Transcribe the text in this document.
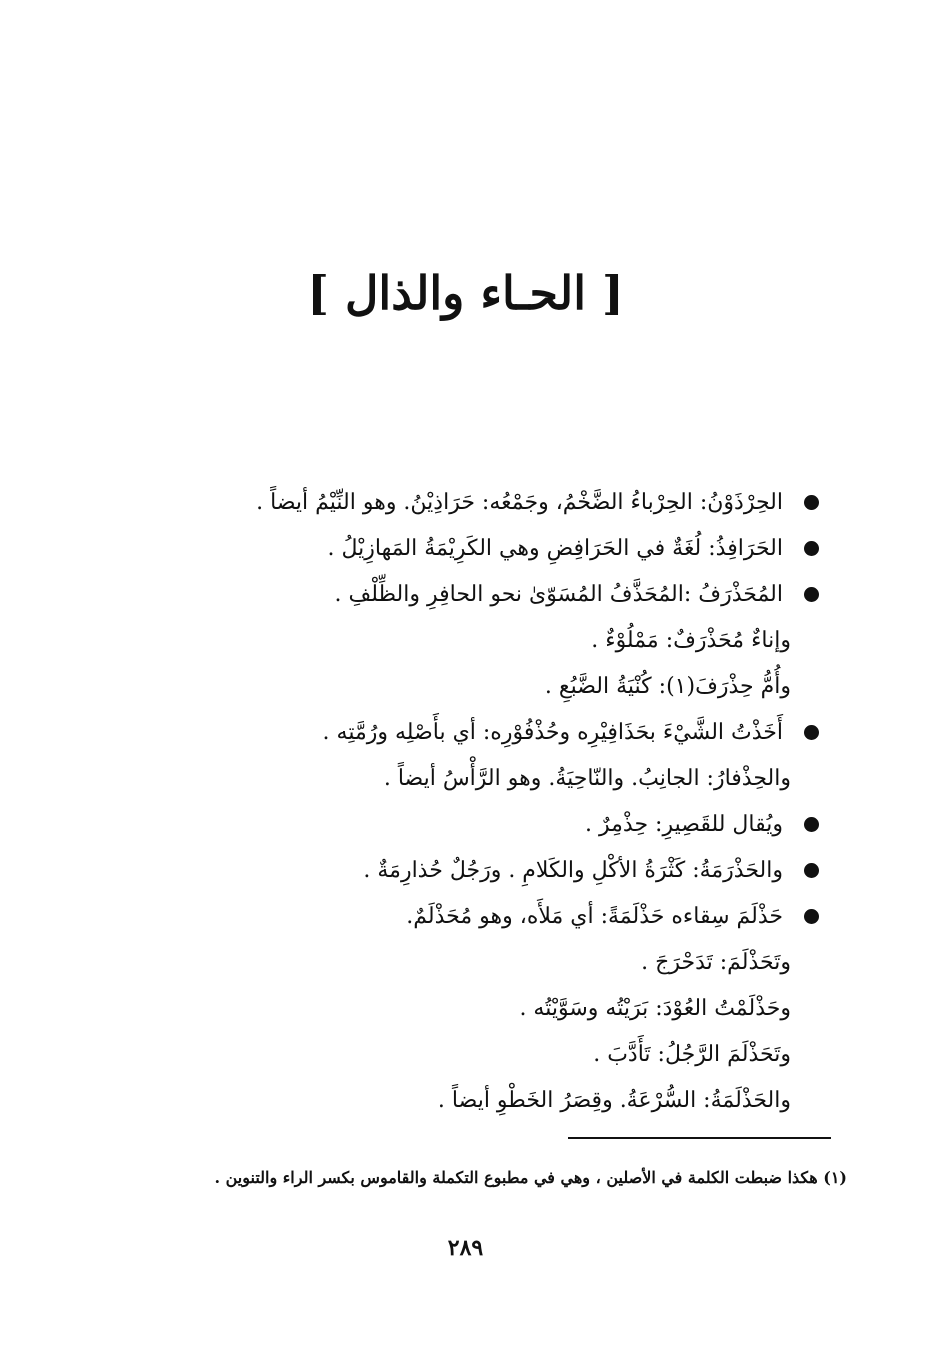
[ الحـاء والذال ]
الحِرْذَوْنُ: الحِرْباءُ الضَّخْمُ، وجَمْعُه: حَرَاذِيْنُ. وهو النِّيْمُ أيضاً .
الحَرَافِذُ: لُغَةٌ في الحَرَافِضِ وهي الكَرِيْمَةُ المَهازِيْلُ .
المُحَذْرَفُ :المُحَذَّفُ المُسَوّىٰ نحو الحافِرِ والظِّلْفِ .
وإناءٌ مُحَذْرَفٌ: مَمْلُوْءٌ .
وأُمُّ حِذْرَفَ(١): كُنْيَةُ الضَّبُعِ .
أَخَذْتُ الشَّيْءَ بحَذَافِيْرِه وحُذْفُوْرِه: أي بأَصْلِه ورُمَّتِه .
والحِذْفارُ: الجانِبُ. والنّاحِيَةُ. وهو الرَّأْسُ أيضاً .
ويُقال للقَصِيرِ: حِذْمِرٌ .
والحَذْرَمَةُ: كَثْرَةُ الأكْلِ والكَلامِ . ورَجُلٌ حُذارِمَةٌ .
حَذْلَمَ سِقاءه حَذْلَمَةً: أي مَلأَه، وهو مُحَذْلَمٌ.
وتَحَذْلَمَ: تَدَحْرَجَ .
وحَذْلَمْتُ العُوْدَ: بَرَيْتُه وسَوَّيْتُه .
وتَحَذْلَمَ الرَّجُلُ: تَأَدَّبَ .
والحَذْلَمَةُ: السُّرْعَةُ. وقِصَرُ الخَطْوِ أيضاً .
(١) هكذا ضبطت الكلمة في الأصلين ، وهي في مطبوع التكملة والقاموس بكسر الراء والتنوين .
٢٨٩
